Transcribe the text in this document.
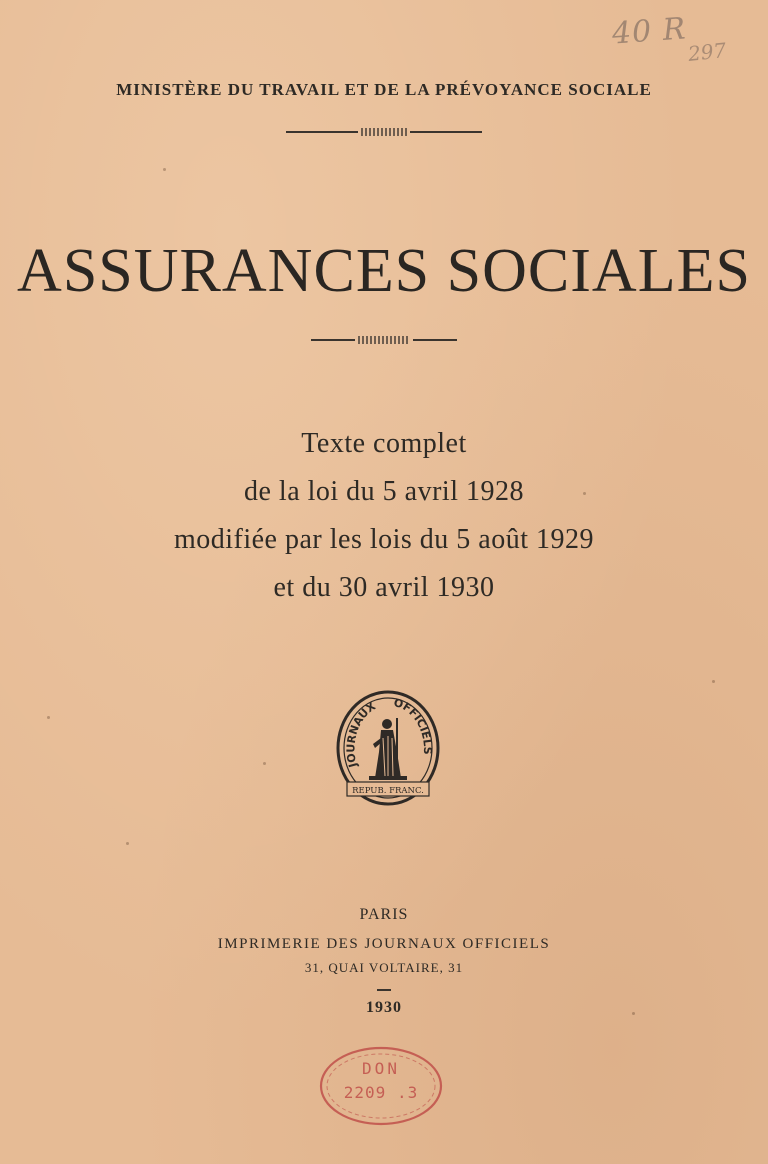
40 R
297
MINISTÈRE DU TRAVAIL ET DE LA PRÉVOYANCE SOCIALE
ASSURANCES SOCIALES
Texte complet
de la loi du 5 avril 1928
modifiée par les lois du 5 août 1929
et du 30 avril 1930
JOURNAUX OFFICIELS
REPUB. FRANC.
PARIS
IMPRIMERIE DES JOURNAUX OFFICIELS
31, QUAI VOLTAIRE, 31
1930
DON
2209 .3
